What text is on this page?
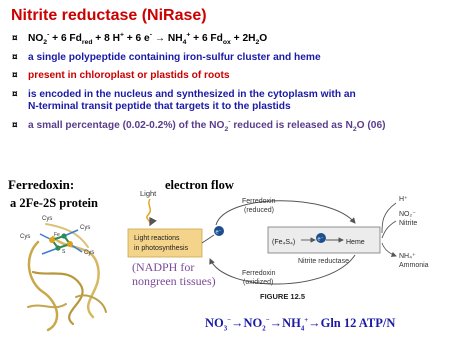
Nitrite reductase (NiRase)
¤ $NO_2^- + 6$ $Fd_{red} + 8$ H+ + 6 $e^- \to NH_4^+ + 6$ $Fd_{ox} + 2H_2O$
¤ a single polypeptide containing iron-sulfur cluster and heme
¤ present in chloroplast or plastids of roots
¤ is encoded in the nucleus and synthesized in the cytoplasm with an
N-terminal transit peptide that targets it to the plastids
¤ a small percentage (0.02-0.2%) of the $NO_2^-$ reduced is released as $N_2O$ (06)
Ferredoxin:
a 2Fe-2S protein
electron flow
Cys
Cys
Cys
Cys
Fe
S
Light
Light reactions
in photosynthesis
e⁻
Ferredoxin
(reduced)
Ferredoxin
(oxidized)
(Fe₄S₄)	e⁻	Heme
Nitrite reductase
H⁺
NO₂⁻
Nitrite
NH₄⁺
Ammonia
FIGURE 12.5
(NADPH for
nongreen tissues)
$NO_3^-\to NO_2^-\to NH_4^+\to Gln$ 12 ATP/N
